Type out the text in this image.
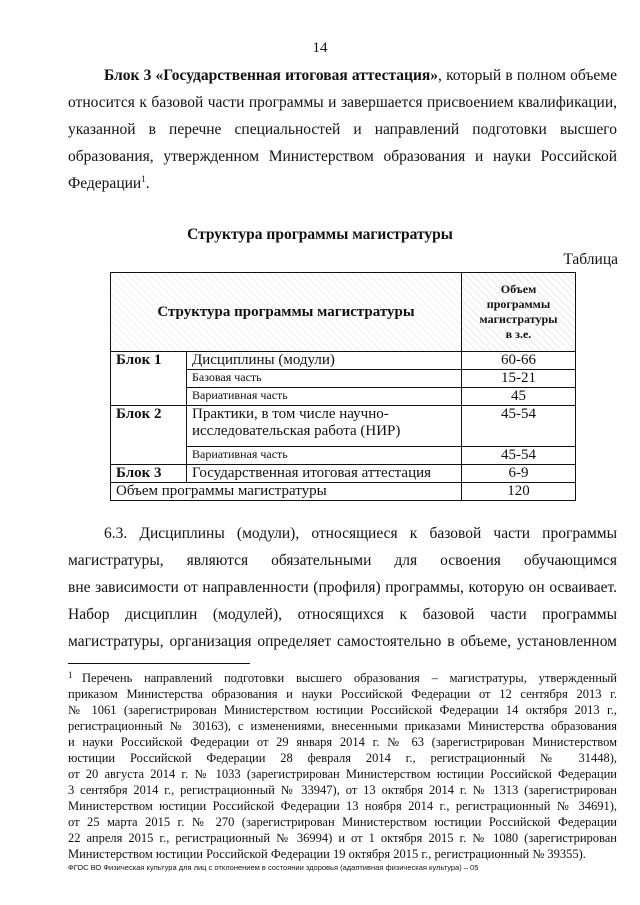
14
Блок 3 «Государственная итоговая аттестация», который в полном объеме
относится к базовой части программы и завершается присвоением квалификации,
указанной в перечне специальностей и направлений подготовки высшего
образования, утвержденном Министерством образования и науки Российской
Федерации$^1$.
Структура программы магистратуры
Таблица
Структура программы магистратуры		Объем
программы
магистратуры
в з.е.

Блок 1	Дисциплины (модули)	60-66
	Базовая часть	15-21
	Вариативная часть	45
Блок 2	Практики, в том числе научно-
исследовательская работа (НИР)	45-54
	Вариативная часть	45-54
Блок 3	Государственная итоговая аттестация	6-9
Объем программы магистратуры		120
6.3. Дисциплины (модули), относящиеся к базовой части программы
магистратуры, являются обязательными для освоения обучающимся
вне зависимости от направленности (профиля) программы, которую он осваивает.
Набор дисциплин (модулей), относящихся к базовой части программы
магистратуры, организация определяет самостоятельно в объеме, установленном
1 Перечень направлений подготовки высшего образования – магистратуры, утвержденный
приказом Министерства образования и науки Российской Федерации от 12 сентября 2013 г.
№ 1061 (зарегистрирован Министерством юстиции Российской Федерации 14 октября 2013 г.,
регистрационный № 30163), с изменениями, внесенными приказами Министерства образования
и науки Российской Федерации от 29 января 2014 г. № 63 (зарегистрирован Министерством
юстиции Российской Федерации 28 февраля 2014 г., регистрационный № 31448),
от 20 августа 2014 г. № 1033 (зарегистрирован Министерством юстиции Российской Федерации
3 сентября 2014 г., регистрационный № 33947), от 13 октября 2014 г. № 1313 (зарегистрирован
Министерством юстиции Российской Федерации 13 ноября 2014 г., регистрационный № 34691),
от 25 марта 2015 г. № 270 (зарегистрирован Министерством юстиции Российской Федерации
22 апреля 2015 г., регистрационный № 36994) и от 1 октября 2015 г. № 1080 (зарегистрирован
Министерством юстиции Российской Федерации 19 октября 2015 г., регистрационный № 39355).
ФГОС ВО Физическая культура для лиц с отклонением в состоянии здоровья (адаптивная физическая культура) – 05
